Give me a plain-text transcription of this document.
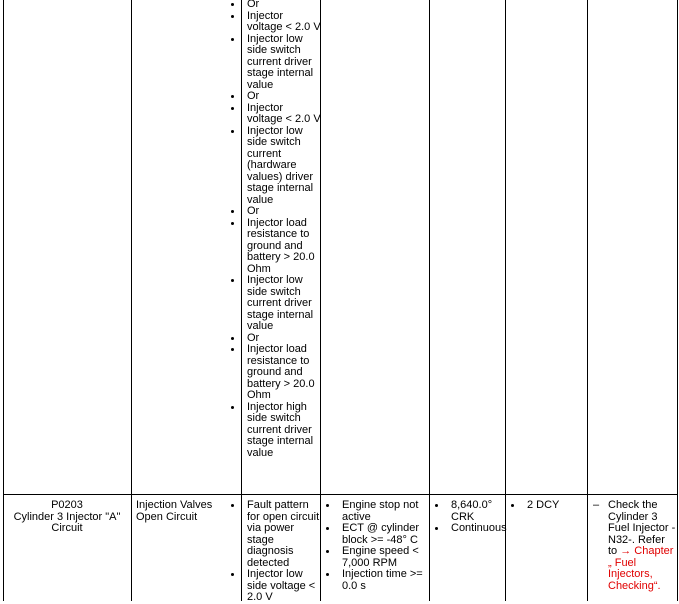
Or
Injector voltage < 2.0 V
Injector low side switch current driver stage internal value
Or
Injector voltage < 2.0 V
Injector low side switch current (hardware values) driver stage internal value
Or
Injector load resistance to ground and battery > 20.0 Ohm
Injector low side switch current driver stage internal value
Or
Injector load resistance to ground and battery > 20.0 Ohm
Injector high side switch current driver stage internal value
P0203
Cylinder 3 Injector "A" Circuit
Injection Valves Open Circuit
Fault pattern for open circuit via power stage diagnosis detected
Injector low side voltage < 2.0 V
Engine stop not active
ECT @ cylinder block >= -48° C
Engine speed < 7,000 RPM
Injection time >= 0.0 s
8,640.0° CRK
Continuous
2 DCY	– Check the Cylinder 3 Fuel Injector -N32-. Refer to → Chapter „ Fuel Injectors, Checking“.
